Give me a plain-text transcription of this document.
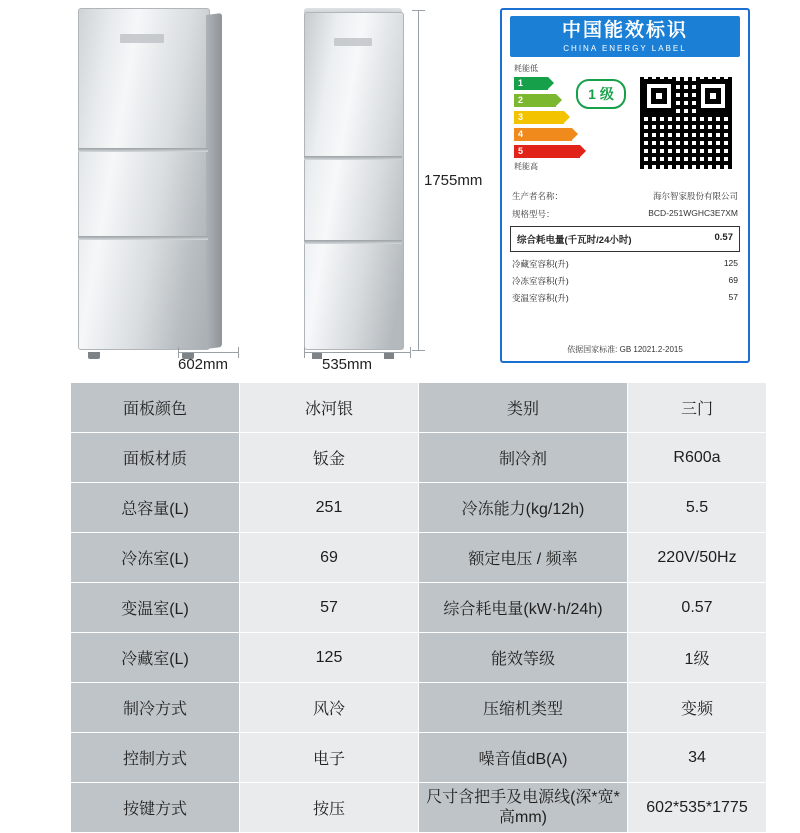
602mm
1755mm
535mm
中国能效标识
CHINA ENERGY LABEL
耗能低
1
2
3
4
5
耗能高
1 级
生产者名称：	海尔智家股份有限公司
规格型号：	BCD-251WGHC3E7XM
综合耗电量(千瓦时/24小时)	0.57
冷藏室容积(升)	125
冷冻室容积(升)	69
变温室容积(升)	57
依据国家标准: GB 12021.2-2015
面板颜色	冰河银	类别	三门
面板材质	钣金	制冷剂	R600a
总容量(L)	251	冷冻能力(kg/12h)	5.5
冷冻室(L)	69	额定电压 / 频率	220V/50Hz
变温室(L)	57	综合耗电量(kW·h/24h)	0.57
冷藏室(L)	125	能效等级	1级
制冷方式	风冷	压缩机类型	变频
控制方式	电子	噪音值dB(A)	34
按键方式	按压	尺寸含把手及电源线(深*宽*高mm)	602*535*1775
